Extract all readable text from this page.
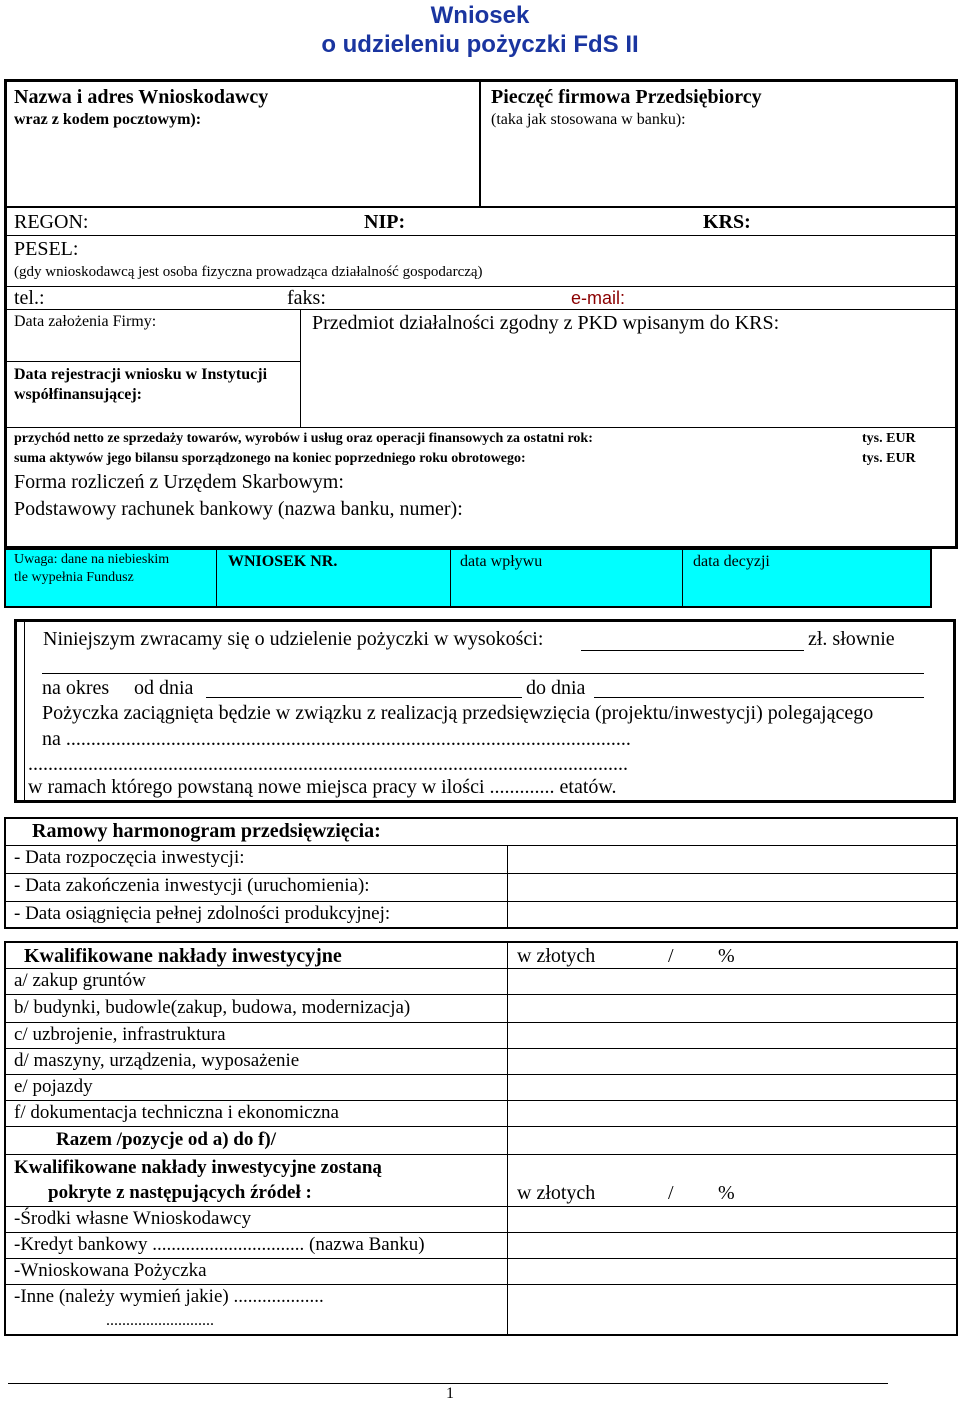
Wniosek
o udzieleniu pożyczki FdS II
Nazwa i adres Wnioskodawcy
wraz z kodem pocztowym):
Pieczęć firmowa Przedsiębiorcy
(taka jak stosowana w banku):
REGON:	NIP:	KRS:
PESEL:
(gdy wnioskodawcą jest osoba fizyczna prowadząca działalność gospodarczą)
tel.:	faks:	e-mail:
Data założenia Firmy:	Przedmiot działalności zgodny z PKD wpisanym do KRS:
Data rejestracji wniosku w Instytucji
współfinansującej:
przychód netto ze sprzedaży towarów, wyrobów i usług oraz operacji finansowych za ostatni rok:	tys. EUR
suma aktywów jego bilansu sporządzonego na koniec poprzedniego roku obrotowego:	tys. EUR
Forma rozliczeń z Urzędem Skarbowym:
Podstawowy rachunek bankowy (nazwa banku, numer):
Uwaga: dane na niebieskim
tle wypełnia Fundusz
WNIOSEK NR.	data wpływu	data decyzji
Niniejszym zwracamy się o udzielenie pożyczki w wysokości:	zł. słownie
na okres od dnia	do dnia
Pożyczka zaciągnięta będzie w związku z realizacją przedsięwzięcia (projektu/inwestycji) polegającego
na .................................................................................................................
........................................................................................................................
w ramach którego powstaną nowe miejsca pracy w ilości ............. etatów.
Ramowy harmonogram przedsięwzięcia:
- Data rozpoczęcia inwestycji:
- Data zakończenia inwestycji (uruchomienia):
- Data osiągnięcia pełnej zdolności produkcyjnej:
Kwalifikowane nakłady inwestycyjne	w złotych	/ %
a/ zakup gruntów
b/ budynki, budowle(zakup, budowa, modernizacja)
c/ uzbrojenie, infrastruktura
d/ maszyny, urządzenia, wyposażenie
e/ pojazdy
f/ dokumentacja techniczna i ekonomiczna
Razem /pozycje od a) do f)/
Kwalifikowane nakłady inwestycyjne zostaną
pokryte z następujących źródeł :	w złotych	/ %
-Środki własne Wnioskodawcy
-Kredyt bankowy ................................ (nazwa Banku)
-Wnioskowana Pożyczka
-Inne (należy wymień jakie) ...................
...........................
1
